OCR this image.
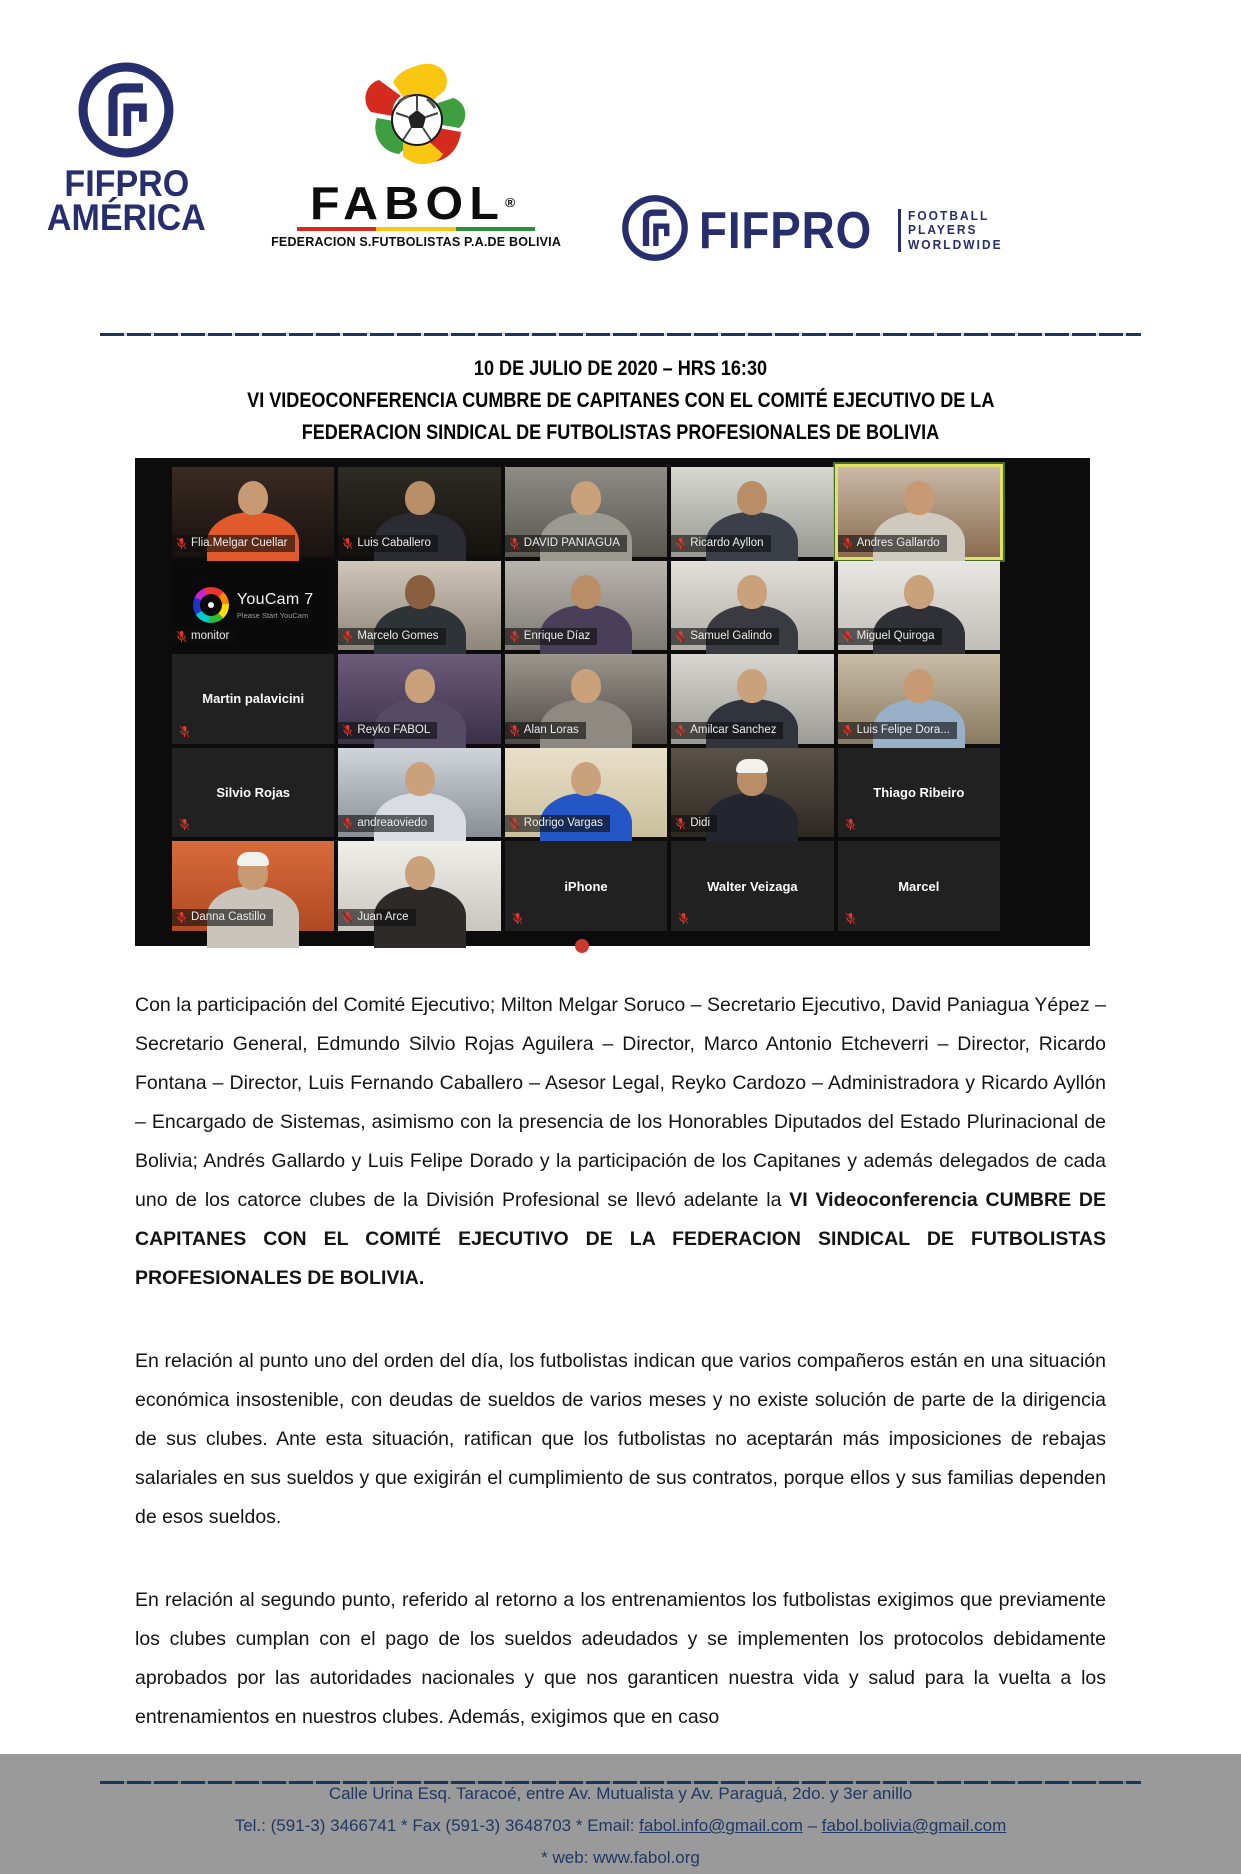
FIFPRO
AMÉRICA FABOL®
FEDERACION S.FUTBOLISTAS P.A.DE BOLIVIA	FIFPRO	FOOTBALL
PLAYERS
WORLDWIDE
10 DE JULIO DE 2020 – HRS 16:30
VI VIDEOCONFERENCIA CUMBRE DE CAPITANES CON EL COMITÉ EJECUTIVO DE LA
FEDERACION SINDICAL DE FUTBOLISTAS PROFESIONALES DE BOLIVIA
Flia.Melgar Cuellar	Luis Caballero	DAVID PANIAGUA	Ricardo Ayllon	Andres Gallardo
YouCam 7
Please Start YouCam
monitor	Marcelo Gomes	Enrique Díaz	Samuel Galindo	Miguel Quiroga
Martin palavicini
Reyko FABOL	Alan Loras	Amilcar Sanchez	Luis Felipe Dora...
Silvio Rojas
andreaoviedo	Rodrigo Vargas	Didi
Thiago Ribeiro
Danna Castillo	Juan Arce
iPhone	Walter Veizaga	Marcel

Con la participación del Comité Ejecutivo; Milton Melgar Soruco – Secretario Ejecutivo, David Paniagua Yépez – Secretario General, Edmundo Silvio Rojas Aguilera – Director, Marco Antonio Etcheverri – Director, Ricardo Fontana – Director, Luis Fernando Caballero – Asesor Legal, Reyko Cardozo – Administradora y Ricardo Ayllón – Encargado de Sistemas, asimismo con la presencia de los Honorables Diputados del Estado Plurinacional de Bolivia; Andrés Gallardo y Luis Felipe Dorado y la participación de los Capitanes y además delegados de cada uno de los catorce clubes de la División Profesional se llevó adelante la VI Videoconferencia CUMBRE DE CAPITANES CON EL COMITÉ EJECUTIVO DE LA FEDERACION SINDICAL DE FUTBOLISTAS PROFESIONALES DE BOLIVIA.

En relación al punto uno del orden del día, los futbolistas indican que varios compañeros están en una situación económica insostenible, con deudas de sueldos de varios meses y no existe solución de parte de la dirigencia de sus clubes. Ante esta situación, ratifican que los futbolistas no aceptarán más imposiciones de rebajas salariales en sus sueldos y que exigirán el cumplimiento de sus contratos, porque ellos y sus familias dependen de esos sueldos.

En relación al segundo punto, referido al retorno a los entrenamientos los futbolistas exigimos que previamente los clubes cumplan con el pago de los sueldos adeudados y se implementen los protocolos debidamente aprobados por las autoridades nacionales y que nos garanticen nuestra vida y salud para la vuelta a los entrenamientos en nuestros clubes. Además, exigimos que en caso

Calle Urina Esq. Taracoé, entre Av. Mutualista y Av. Paraguá, 2do. y 3er anillo
Tel.: (591-3) 3466741 * Fax (591-3) 3648703 * Email: fabol.info@gmail.com – fabol.bolivia@gmail.com
* web: www.fabol.org
